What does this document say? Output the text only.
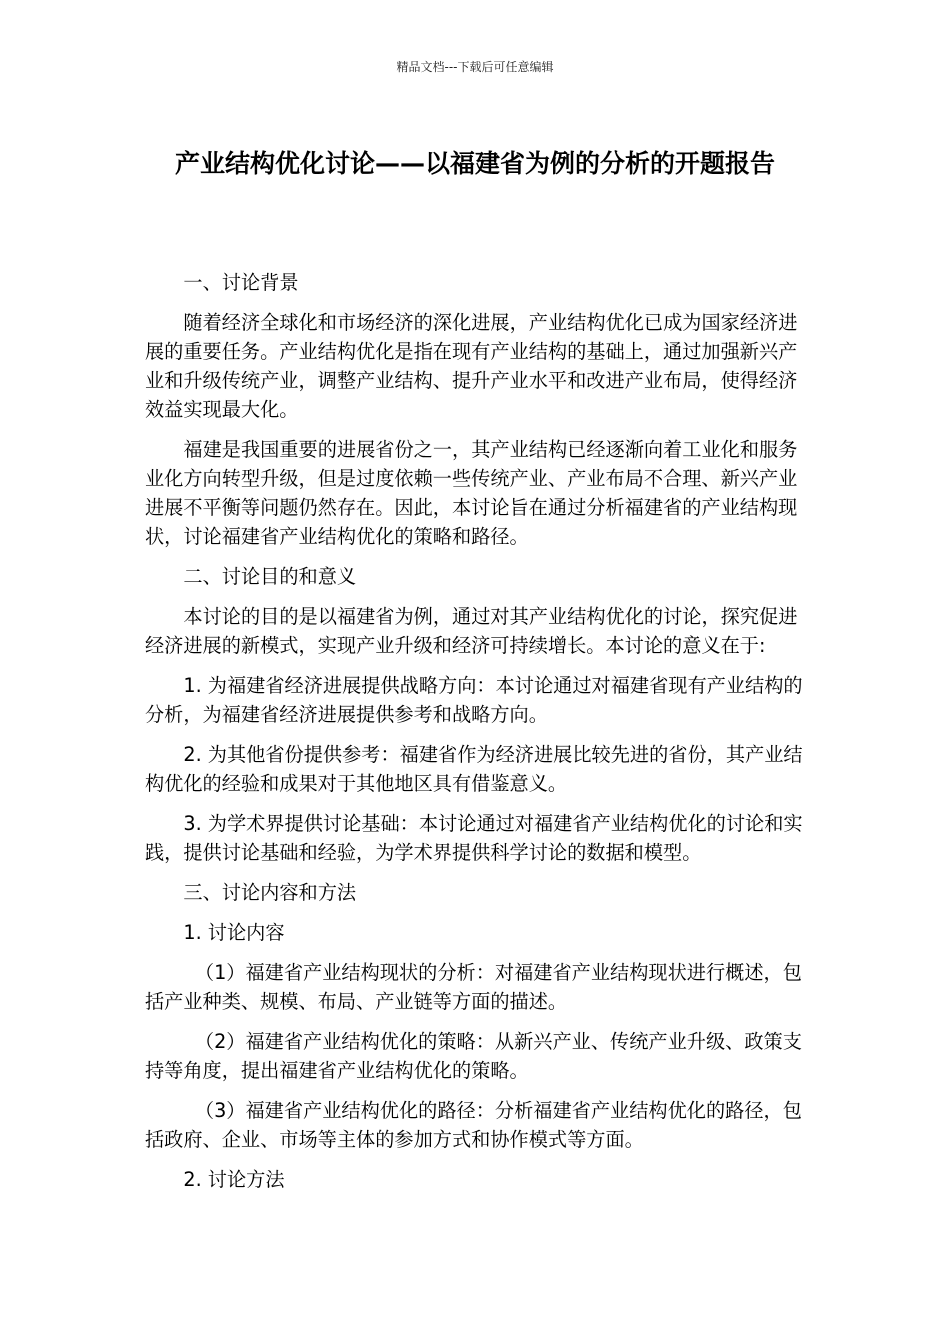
精品文档---下载后可任意编辑
产业结构优化讨论——以福建省为例的分析的开题报告

一、讨论背景

随着经济全球化和市场经济的深化进展，产业结构优化已成为国家经济进展的重要任务。产业结构优化是指在现有产业结构的基础上，通过加强新兴产业和升级传统产业，调整产业结构、提升产业水平和改进产业布局，使得经济效益实现最大化。

福建是我国重要的进展省份之一，其产业结构已经逐渐向着工业化和服务业化方向转型升级，但是过度依赖一些传统产业、产业布局不合理、新兴产业进展不平衡等问题仍然存在。因此，本讨论旨在通过分析福建省的产业结构现状，讨论福建省产业结构优化的策略和路径。

二、讨论目的和意义

本讨论的目的是以福建省为例，通过对其产业结构优化的讨论，探究促进经济进展的新模式，实现产业升级和经济可持续增长。本讨论的意义在于:

1. 为福建省经济进展提供战略方向：本讨论通过对福建省现有产业结构的分析，为福建省经济进展提供参考和战略方向。

2. 为其他省份提供参考：福建省作为经济进展比较先进的省份，其产业结构优化的经验和成果对于其他地区具有借鉴意义。

3. 为学术界提供讨论基础：本讨论通过对福建省产业结构优化的讨论和实践，提供讨论基础和经验，为学术界提供科学讨论的数据和模型。

三、讨论内容和方法

1. 讨论内容

（1）福建省产业结构现状的分析：对福建省产业结构现状进行概述，包括产业种类、规模、布局、产业链等方面的描述。

（2）福建省产业结构优化的策略：从新兴产业、传统产业升级、政策支持等角度，提出福建省产业结构优化的策略。

（3）福建省产业结构优化的路径：分析福建省产业结构优化的路径，包括政府、企业、市场等主体的参加方式和协作模式等方面。

2. 讨论方法
